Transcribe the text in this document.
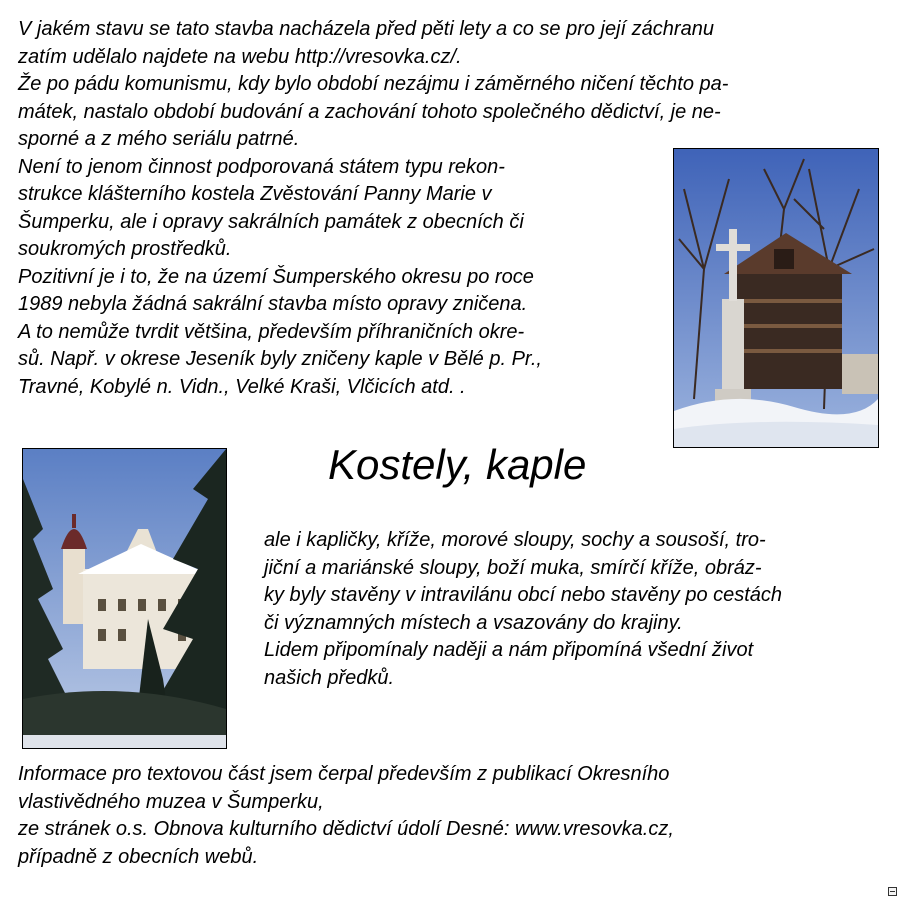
V jakém stavu se tato stavba nacházela před pěti lety a co se pro její záchranu
zatím udělalo najdete na webu http://vresovka.cz/.
Že po pádu komunismu, kdy bylo období nezájmu i záměrného ničení těchto pa-
mátek, nastalo období budování a zachování tohoto společného dědictví, je ne-
sporné a z mého seriálu patrné.
Není to jenom činnost podporovaná státem typu rekon-
strukce klášterního kostela Zvěstování Panny Marie v
Šumperku, ale i opravy sakrálních památek z obecních či
soukromých prostředků.
Pozitivní je i to, že na území Šumperského okresu po roce
1989 nebyla žádná sakrální stavba místo opravy zničena.
A to nemůže tvrdit většina, především příhraničních okre-
sů. Např. v okrese Jeseník byly zničeny kaple v Bělé p. Pr.,
Travné, Kobylé n. Vidn., Velké Kraši, Vlčicích atd. .
Kostely, kaple
ale i kapličky, kříže, morové sloupy, sochy a sousoší, tro-
jiční a mariánské sloupy, boží muka, smírčí kříže, obráz-
ky byly stavěny v intravilánu obcí nebo stavěny po cestách
či významných místech a vsazovány do krajiny.
Lidem připomínaly naději a nám připomíná všední život
našich předků.
Informace pro textovou část jsem čerpal především z publikací Okresního
vlastivědného muzea v Šumperku,
ze stránek o.s. Obnova kulturního dědictví údolí Desné: www.vresovka.cz,
případně z obecních webů.
